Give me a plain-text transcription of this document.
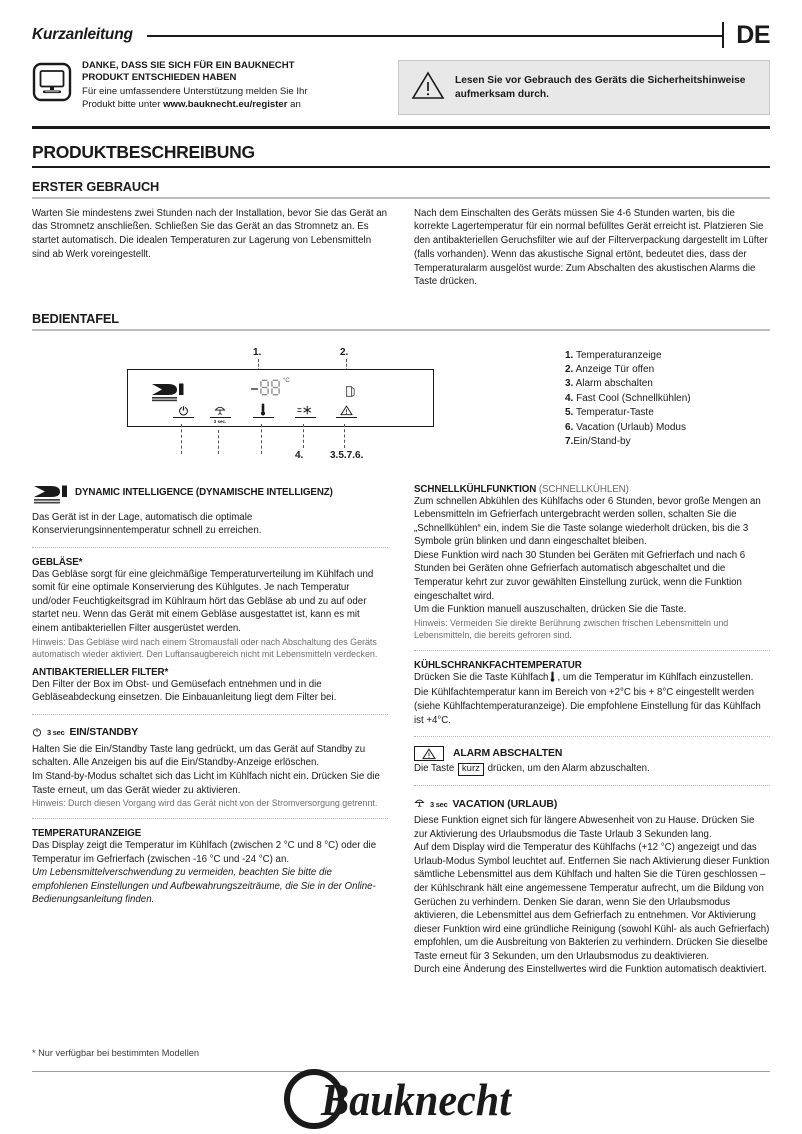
Kurzanleitung	DE
DANKE, DASS SIE SICH FÜR EIN BAUKNECHT
PRODUKT ENTSCHIEDEN HABEN
Für eine umfassendere Unterstützung melden Sie Ihr
Produkt bitte unter www.bauknecht.eu/register an
Lesen Sie vor Gebrauch des Geräts die Sicherheitshinweise
aufmerksam durch.
PRODUKTBESCHREIBUNG
ERSTER GEBRAUCH
Warten Sie mindestens zwei Stunden nach der Installation, bevor Sie das Gerät an das Stromnetz anschließen. Schließen Sie das Gerät an das Stromnetz an. Es startet automatisch. Die idealen Temperaturen zur Lagerung von Lebensmitteln sind ab Werk voreingestellt.
Nach dem Einschalten des Geräts müssen Sie 4-6 Stunden warten, bis die korrekte Lagertemperatur für ein normal befülltes Gerät erreicht ist. Platzieren Sie den antibakteriellen Geruchsfilter wie auf der Filterverpackung dargestellt im Lüfter (falls vorhanden). Wenn das akustische Signal ertönt, bedeutet dies, dass der Temperaturalarm ausgelöst wurde: Zum Abschalten des akustischen Alarms die Taste drücken.
BEDIENTAFEL
1.	2.
°C
3 sec.
4.	3.5.7.6.
1. Temperaturanzeige
2. Anzeige Tür offen
3. Alarm abschalten
4. Fast Cool (Schnellkühlen)
5. Temperatur-Taste
6. Vacation (Urlaub) Modus
7.Ein/Stand-by
DYNAMIC INTELLIGENCE (DYNAMISCHE INTELLIGENZ)
Das Gerät ist in der Lage, automatisch die optimale Konservierungsinnentemperatur schnell zu erreichen.
GEBLÄSE*
Das Gebläse sorgt für eine gleichmäßige Temperaturverteilung im Kühlfach und somit für eine optimale Konservierung des Kühlgutes. Je nach Temperatur und/oder Feuchtigkeitsgrad im Kühlraum hört das Gebläse ab und zu auf oder startet neu. Wenn das Gerät mit einem Gebläse ausgestattet ist, kann es mit einem antibakteriellen Filter ausgerüstet werden.
Hinweis: Das Gebläse wird nach einem Stromausfall oder nach Abschaltung des Geräts automatisch wieder aktiviert. Den Luftansaugbereich nicht mit Lebensmitteln verdecken.
ANTIBAKTERIELLER FILTER*
Den Filter der Box im Obst- und Gemüsefach entnehmen und in die Gebläseabdeckung einsetzen. Die Einbauanleitung liegt dem Filter bei.
3 sec EIN/STANDBY
Halten Sie die Ein/Standby Taste lang gedrückt, um das Gerät auf Standby zu schalten. Alle Anzeigen bis auf die Ein/Standby-Anzeige erlöschen.
Im Stand-by-Modus schaltet sich das Licht im Kühlfach nicht ein. Drücken Sie die Taste erneut, um das Gerät wieder zu aktivieren.
Hinweis: Durch diesen Vorgang wird das Gerät nicht von der Stromversorgung getrennt.
TEMPERATURANZEIGE
Das Display zeigt die Temperatur im Kühlfach (zwischen 2 °C und 8 °C) oder die Temperatur im Gefrierfach (zwischen -16 °C und -24 °C) an.
Um Lebensmittelverschwendung zu vermeiden, beachten Sie bitte die empfohlenen Einstellungen und Aufbewahrungszeiträume, die Sie in der Online-Bedienungsanleitung finden.
SCHNELLKÜHLFUNKTION (SCHNELLKÜHLEN)
Zum schnellen Abkühlen des Kühlfachs oder 6 Stunden, bevor große Mengen an Lebensmitteln im Gefrierfach untergebracht werden sollen, schalten Sie die „Schnellkühlen“ ein, indem Sie die Taste solange wiederholt drücken, bis die 3 Symbole grün blinken und dann eingeschaltet bleiben.
Diese Funktion wird nach 30 Stunden bei Geräten mit Gefrierfach und nach 6 Stunden bei Geräten ohne Gefrierfach automatisch abgeschaltet und die Temperatur kehrt zur zuvor gewählten Einstellung zurück, wenn die Funktion eingeschaltet wird.
Um die Funktion manuell auszuschalten, drücken Sie die Taste.
Hinweis: Vermeiden Sie direkte Berührung zwischen frischen Lebensmitteln und Lebensmitteln, die bereits gefroren sind.
KÜHLSCHRANKFACHTEMPERATUR
Drücken Sie die Taste Kühlfach , um die Temperatur im Kühlfach einzustellen. Die Kühlfachtemperatur kann im Bereich von +2°C bis + 8°C eingestellt werden (siehe Kühlfachtemperaturanzeige). Die empfohlene Einstellung für das Kühlfach ist +4°C.
ALARM ABSCHALTEN
Die Taste kurz drücken, um den Alarm abzuschalten.
3 sec VACATION (URLAUB)
Diese Funktion eignet sich für längere Abwesenheit von zu Hause. Drücken Sie zur Aktivierung des Urlaubsmodus die Taste Urlaub 3 Sekunden lang.
Auf dem Display wird die Temperatur des Kühlfachs (+12 °C) angezeigt und das Urlaub-Modus Symbol leuchtet auf. Entfernen Sie nach Aktivierung dieser Funktion sämtliche Lebensmittel aus dem Kühlfach und halten Sie die Türen geschlossen – der Kühlschrank hält eine angemessene Temperatur aufrecht, um die Bildung von Gerüchen zu verhindern. Denken Sie daran, wenn Sie den Urlaubsmodus aktivieren, die Lebensmittel aus dem Gefrierfach zu entnehmen. Vor Aktivierung dieser Funktion wird eine gründliche Reinigung (sowohl Kühl- als auch Gefrierfach) empfohlen, um die Ausbreitung von Bakterien zu verhindern. Drücken Sie dieselbe Taste erneut für 3 Sekunden, um den Urlaubsmodus zu deaktivieren.
Durch eine Änderung des Einstellwertes wird die Funktion automatisch deaktiviert.
* Nur verfügbar bei bestimmten Modellen
Bauknecht
